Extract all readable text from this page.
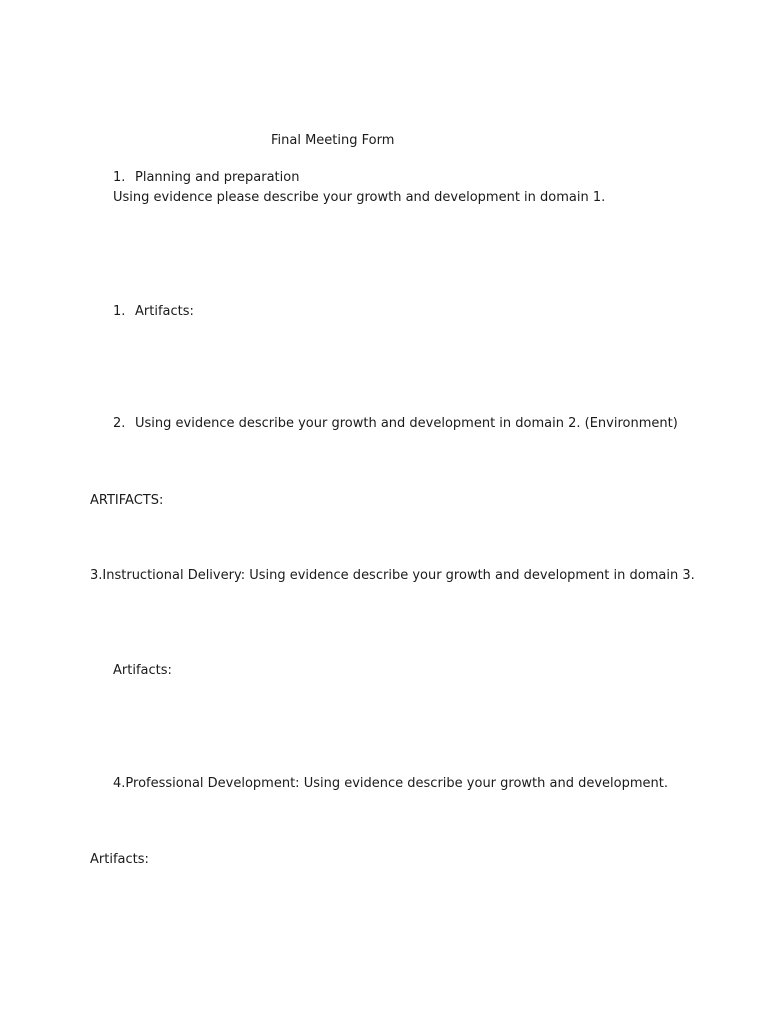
Final Meeting Form
1. Planning and preparation
Using evidence please describe your growth and development in domain 1.
1. Artifacts:
2. Using evidence describe your growth and development in domain 2. (Environment)
ARTIFACTS:
3.Instructional Delivery: Using evidence describe your growth and development in domain 3.
Artifacts:
4.Professional Development: Using evidence describe your growth and development.
Artifacts:
